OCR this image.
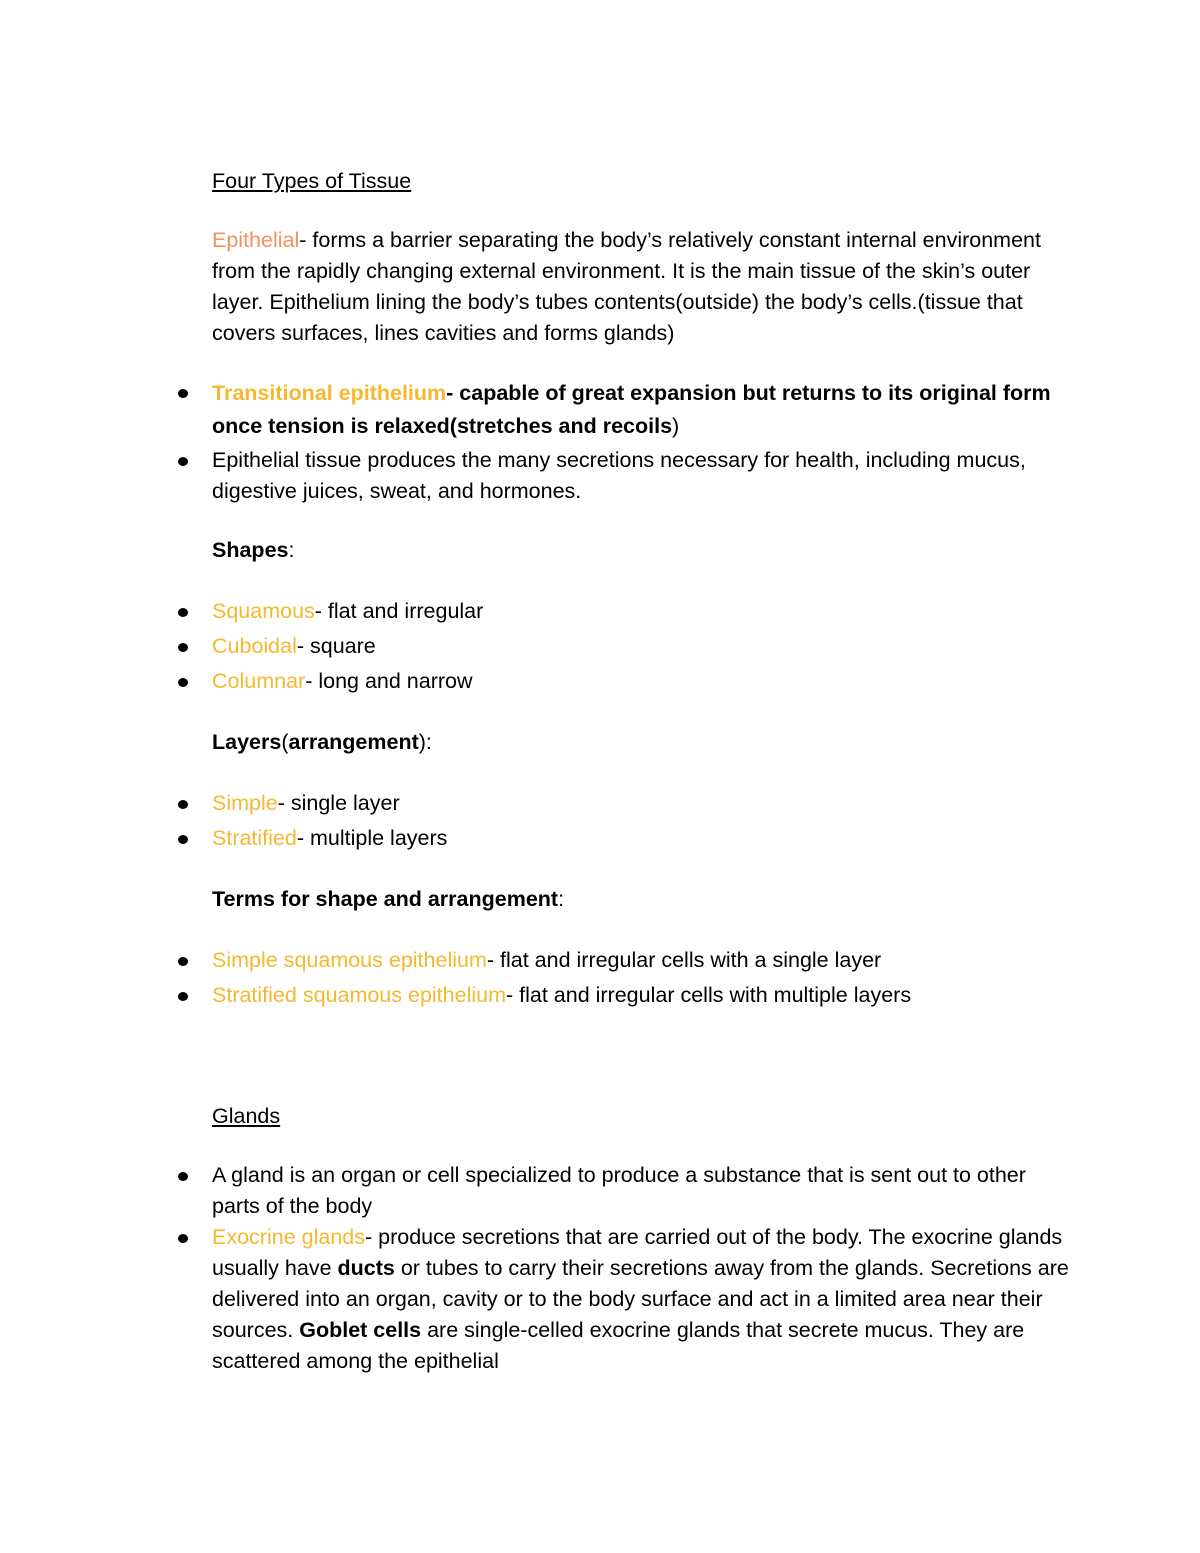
Four Types of Tissue

Epithelial- forms a barrier separating the body’s relatively constant internal environment from the rapidly changing external environment. It is the main tissue of the skin’s outer layer. Epithelium lining the body’s tubes contents(outside) the body’s cells.(tissue that covers surfaces, lines cavities and forms glands)

Transitional epithelium- capable of great expansion but returns to its original form once tension is relaxed(stretches and recoils)
Epithelial tissue produces the many secretions necessary for health, including mucus, digestive juices, sweat, and hormones.

Shapes:

Squamous- flat and irregular
Cuboidal- square
Columnar- long and narrow

Layers(arrangement):

Simple- single layer
Stratified- multiple layers

Terms for shape and arrangement:

Simple squamous epithelium- flat and irregular cells with a single layer
Stratified squamous epithelium- flat and irregular cells with multiple layers

Glands

A gland is an organ or cell specialized to produce a substance that is sent out to other parts of the body
Exocrine glands- produce secretions that are carried out of the body. The exocrine glands usually have ducts or tubes to carry their secretions away from the glands. Secretions are delivered into an organ, cavity or to the body surface and act in a limited area near their sources. Goblet cells are single-celled exocrine glands that secrete mucus. They are scattered among the epithelial
